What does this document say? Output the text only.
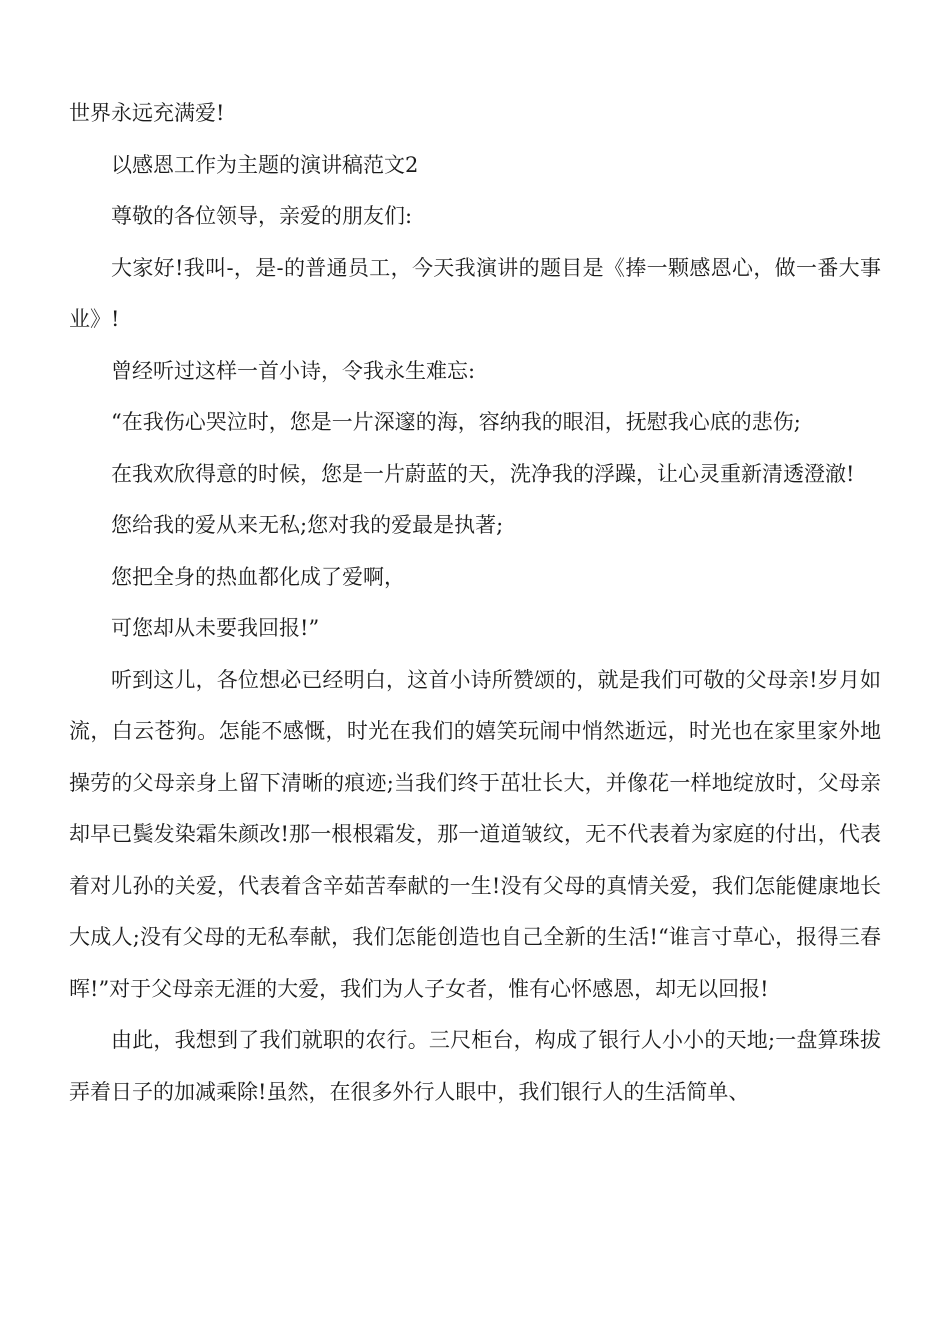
世界永远充满爱!

以感恩工作为主题的演讲稿范文2

尊敬的各位领导，亲爱的朋友们:

大家好!我叫-，是-的普通员工，今天我演讲的题目是《捧一颗感恩心，做一番大事业》!

曾经听过这样一首小诗，令我永生难忘:

“在我伤心哭泣时，您是一片深邃的海，容纳我的眼泪，抚慰我心底的悲伤;

在我欢欣得意的时候，您是一片蔚蓝的天，洗净我的浮躁，让心灵重新清透澄澈!

您给我的爱从来无私;您对我的爱最是执著;

您把全身的热血都化成了爱啊，

可您却从未要我回报!”

听到这儿，各位想必已经明白，这首小诗所赞颂的，就是我们可敬的父母亲!岁月如流，白云苍狗。怎能不感慨，时光在我们的嬉笑玩闹中悄然逝远，时光也在家里家外地操劳的父母亲身上留下清晰的痕迹;当我们终于茁壮长大，并像花一样地绽放时，父母亲却早已鬓发染霜朱颜改!那一根根霜发，那一道道皱纹，无不代表着为家庭的付出，代表着对儿孙的关爱，代表着含辛茹苦奉献的一生!没有父母的真情关爱，我们怎能健康地长大成人;没有父母的无私奉献，我们怎能创造也自己全新的生活!“谁言寸草心，报得三春晖!”对于父母亲无涯的大爱，我们为人子女者，惟有心怀感恩，却无以回报!

由此，我想到了我们就职的农行。三尺柜台，构成了银行人小小的天地;一盘算珠拔弄着日子的加减乘除!虽然，在很多外行人眼中，我们银行人的生活简单、
